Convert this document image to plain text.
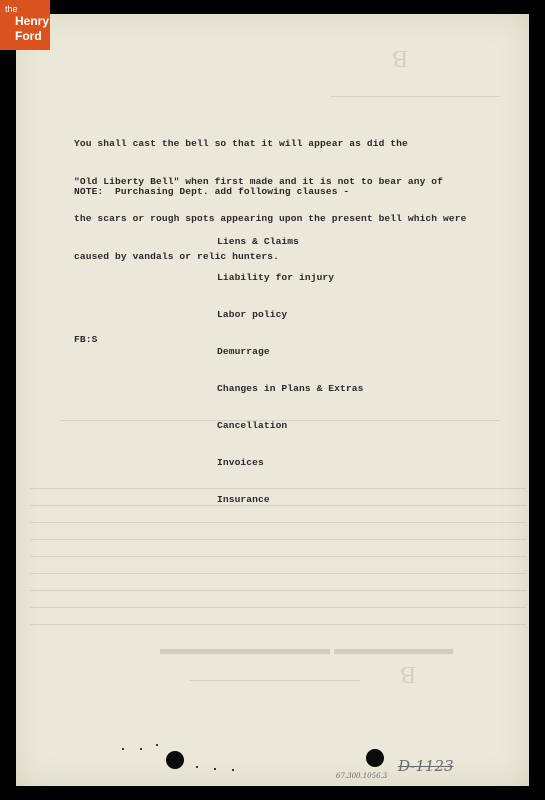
the
Henry
Ford
B
B
▬▬▬▬▬▬▬ ▬▬▬▬▬▬▬▬▬▬

You shall cast the bell so that it will appear as did the

"Old Liberty Bell" when first made and it is not to bear any of

the scars or rough spots appearing upon the present bell which were

caused by vandals or relic hunters.

NOTE:  Purchasing Dept. add following clauses -

Liens & Claims

Liability for injury

Labor policy

Demurrage

Changes in Plans & Extras

Cancellation

Invoices

Insurance

FB:S
D-1123
67.300.1056.3
